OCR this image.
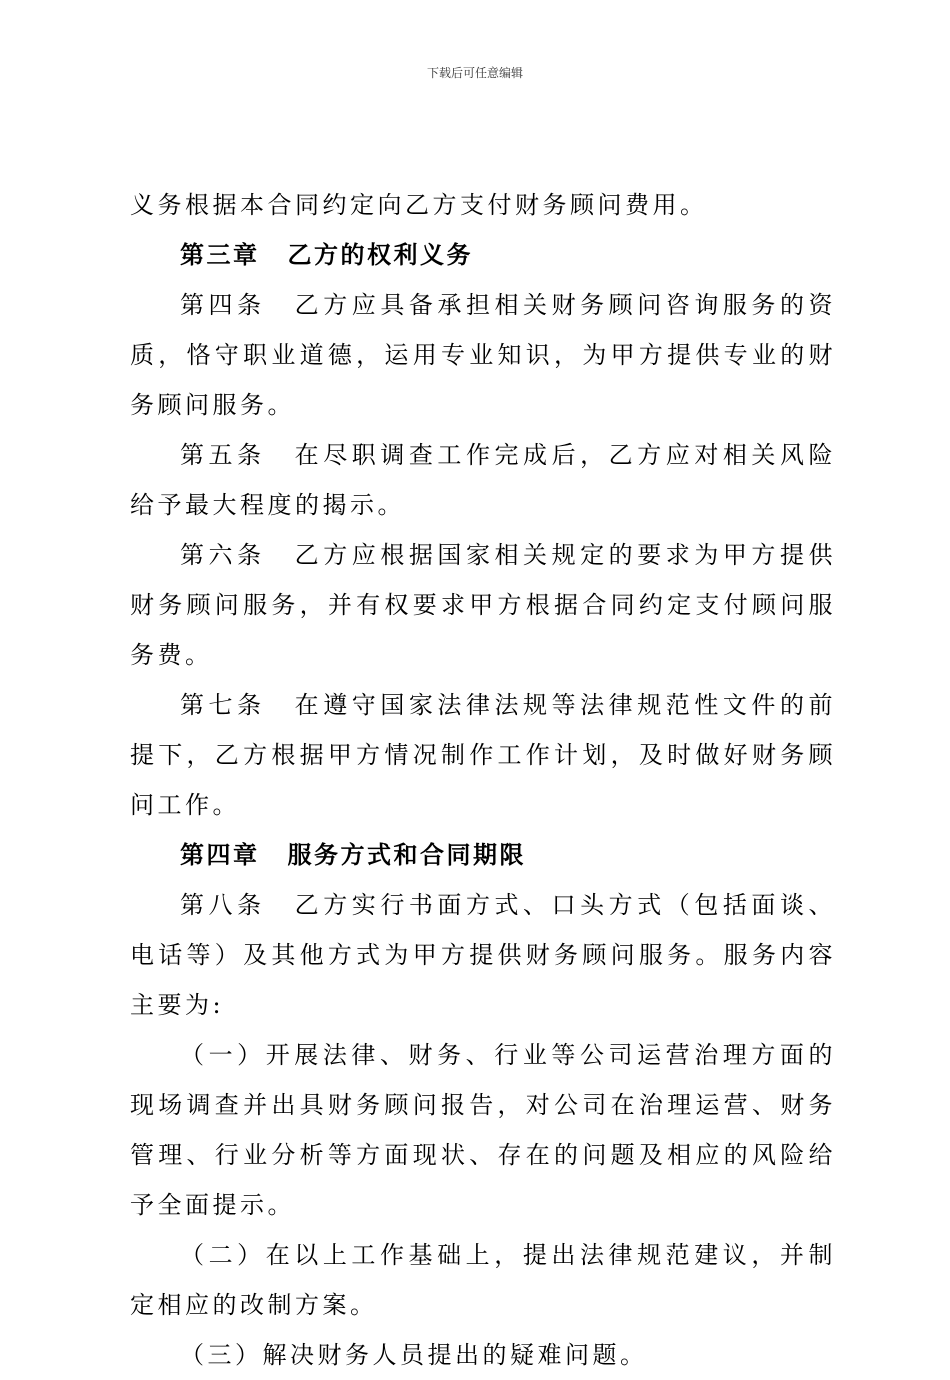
下载后可任意编辑

义务根据本合同约定向乙方支付财务顾问费用。

第三章 乙方的权利义务

第四条 乙方应具备承担相关财务顾问咨询服务的资质，恪守职业道德，运用专业知识，为甲方提供专业的财务顾问服务。

第五条 在尽职调查工作完成后，乙方应对相关风险给予最大程度的揭示。

第六条 乙方应根据国家相关规定的要求为甲方提供财务顾问服务，并有权要求甲方根据合同约定支付顾问服务费。

第七条 在遵守国家法律法规等法律规范性文件的前提下，乙方根据甲方情况制作工作计划，及时做好财务顾问工作。

第四章 服务方式和合同期限

第八条 乙方实行书面方式、口头方式（包括面谈、电话等）及其他方式为甲方提供财务顾问服务。服务内容主要为:

（一）开展法律、财务、行业等公司运营治理方面的现场调查并出具财务顾问报告，对公司在治理运营、财务管理、行业分析等方面现状、存在的问题及相应的风险给予全面提示。

（二）在以上工作基础上，提出法律规范建议，并制定相应的改制方案。

（三）解决财务人员提出的疑难问题。
